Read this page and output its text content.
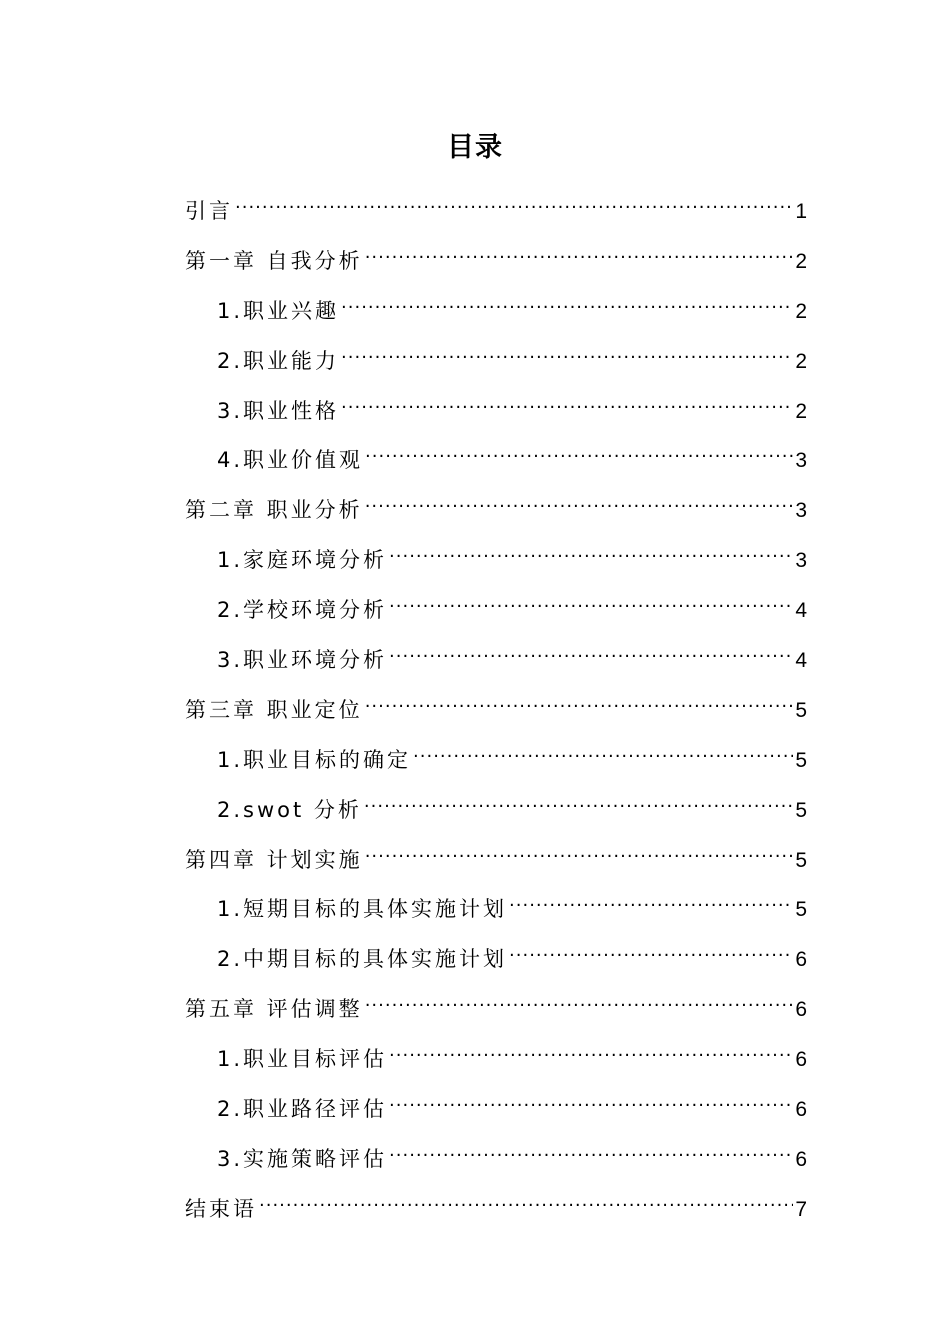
目录
引言 .....	1
第一章 自我分析 .....	2
1.职业兴趣 .....	2
2.职业能力 .....	2
3.职业性格 .....	2
4.职业价值观 .....	3
第二章 职业分析 .....	3
1.家庭环境分析 .....	3
2.学校环境分析 .....	4
3.职业环境分析 .....	4
第三章 职业定位 .....	5
1.职业目标的确定 .....	5
2.swot 分析 .....	5
第四章 计划实施 .....	5
1.短期目标的具体实施计划 .....	5
2.中期目标的具体实施计划 .....	6
第五章 评估调整 .....	6
1.职业目标评估 .....	6
2.职业路径评估 .....	6
3.实施策略评估 .....	6
结束语 .....	7
